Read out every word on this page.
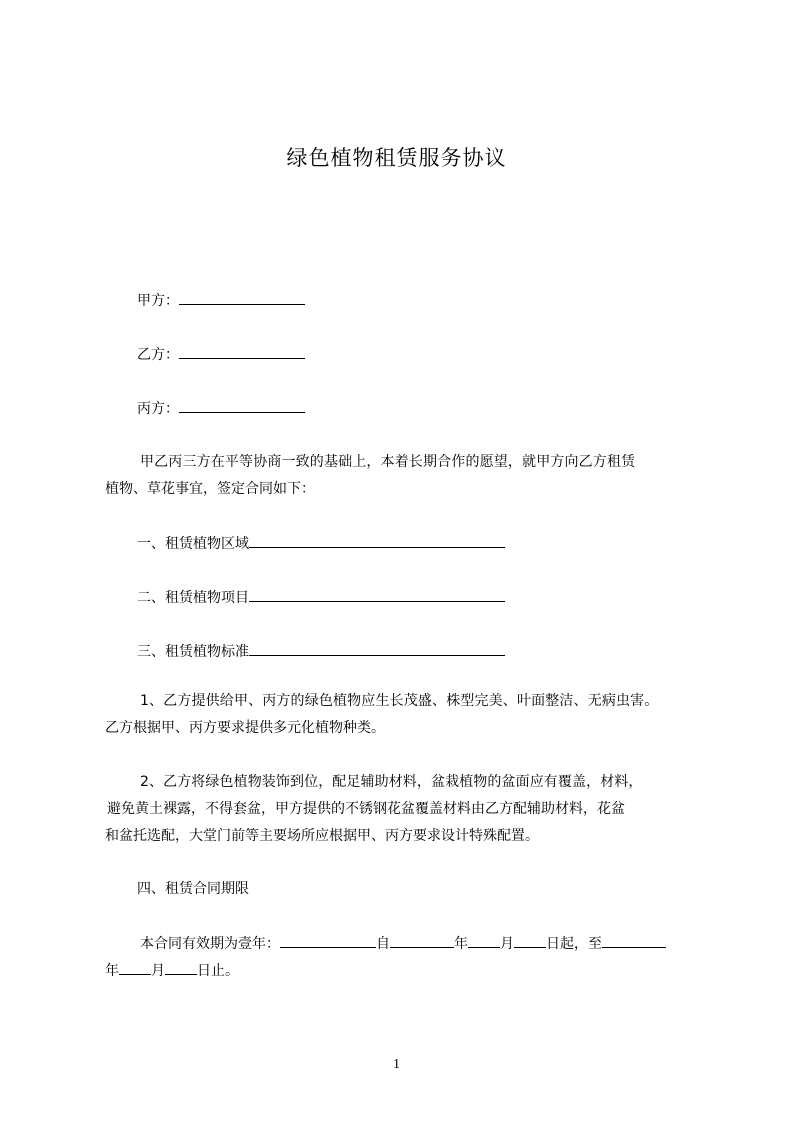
绿色植物租赁服务协议
甲方：
乙方：
丙方：
甲乙丙三方在平等协商一致的基础上，本着长期合作的愿望，就甲方向乙方租赁
植物、草花事宜，签定合同如下：
一、租赁植物区域
二、租赁植物项目
三、租赁植物标准
1、乙方提供给甲、丙方的绿色植物应生长茂盛、株型完美、叶面整洁、无病虫害。
乙方根据甲、丙方要求提供多元化植物种类。
2、乙方将绿色植物装饰到位，配足辅助材料，盆栽植物的盆面应有覆盖，材料，
避免黄土裸露，不得套盆，甲方提供的不锈钢花盆覆盖材料由乙方配辅助材料，花盆
和盆托选配，大堂门前等主要场所应根据甲、丙方要求设计特殊配置。
四、租赁合同期限
本合同有效期为壹年：	自	年 月 日起，至
年 月 日止。
1
